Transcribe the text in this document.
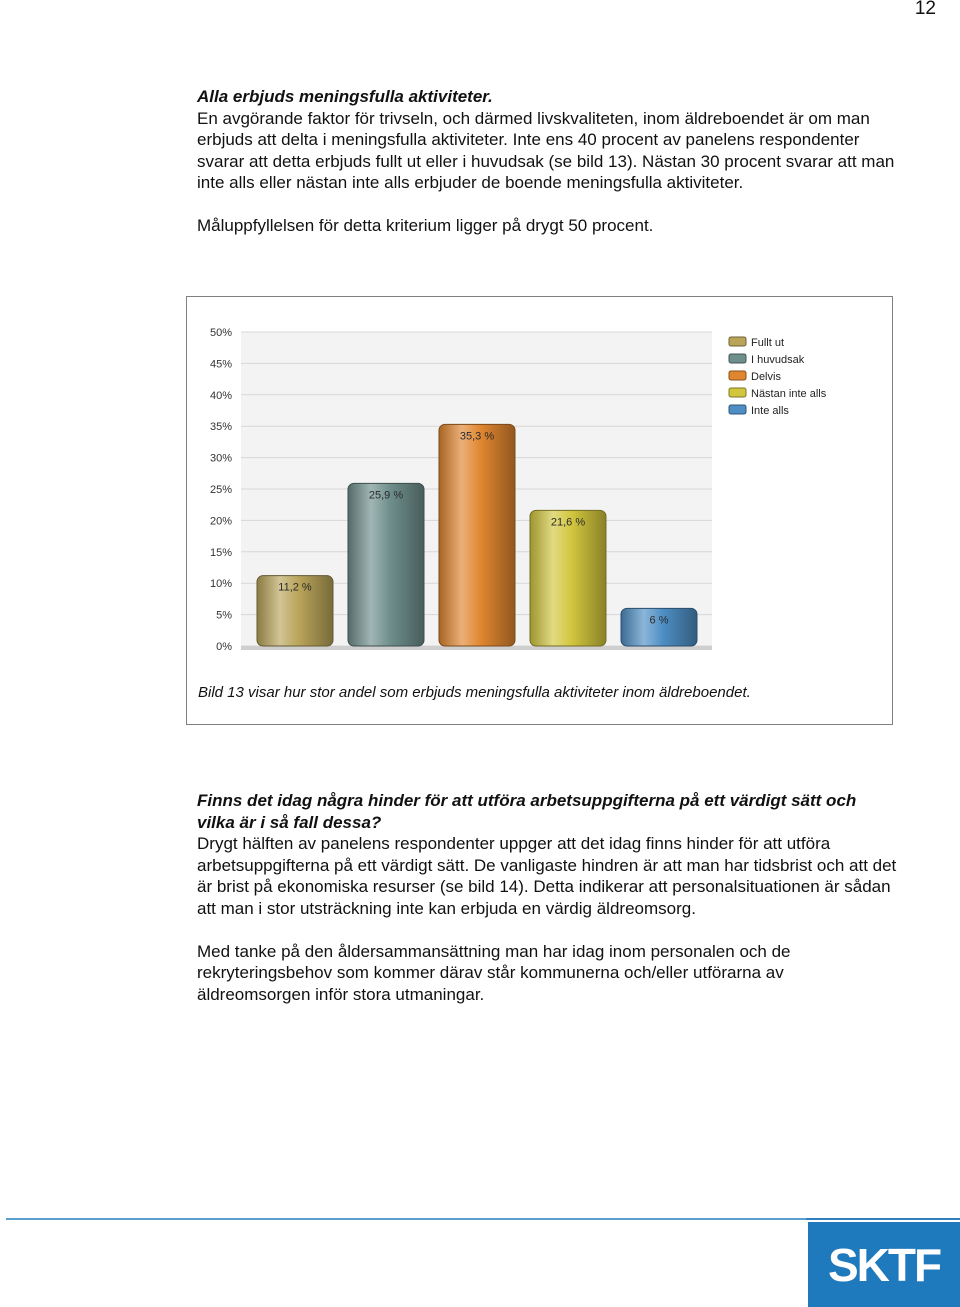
12

Alla erbjuds meningsfulla aktiviteter.

En avgörande faktor för trivseln, och därmed livskvaliteten, inom äldreboendet är om man erbjuds att delta i meningsfulla aktiviteter. Inte ens 40 procent av panelens respondenter svarar att detta erbjuds fullt ut eller i huvudsak (se bild 13). Nästan 30 procent svarar att man inte alls eller nästan inte alls erbjuder de boende meningsfulla aktiviteter.

Måluppfyllelsen för detta kriterium ligger på drygt 50 procent.

0%
5%
10%
15%
20%
25%
30%
35%
40%
45%
50%
11,2 %
25,9 %
35,3 %
21,6 %
6 %
Fullt ut
I huvudsak
Delvis
Nästan inte alls
Inte alls
Bild 13 visar hur stor andel som erbjuds meningsfulla aktiviteter inom äldreboendet.

Finns det idag några hinder för att utföra arbetsuppgifterna på ett värdigt sätt och vilka är i så fall dessa?

Drygt hälften av panelens respondenter uppger att det idag finns hinder för att utföra arbetsuppgifterna på ett värdigt sätt. De vanligaste hindren är att man har tidsbrist och att det är brist på ekonomiska resurser (se bild 14). Detta indikerar att personalsituationen är sådan att man i stor utsträckning inte kan erbjuda en värdig äldreomsorg.

Med tanke på den åldersammansättning man har idag inom personalen och de rekryteringsbehov som kommer därav står kommunerna och/eller utförarna av äldreomsorgen inför stora utmaningar.

SKTF
